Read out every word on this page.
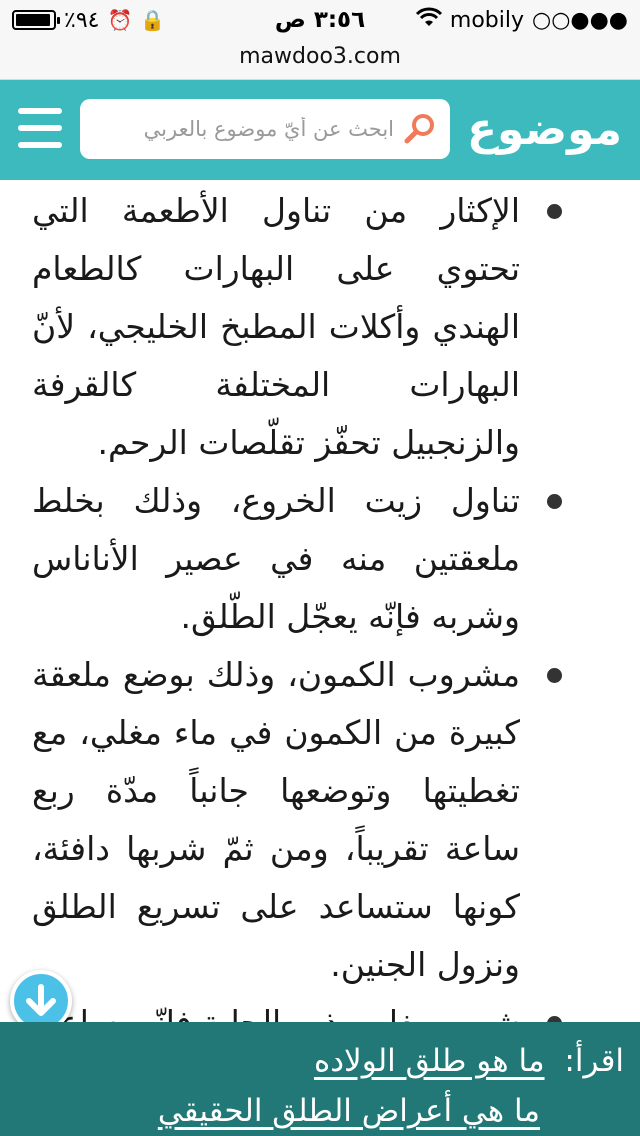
٪٩٤ ⏰ 🔒	٣:٥٦ ص	mobily ○○●●●
mawdoo3.com
ابحث عن أيّ موضوع بالعربي
موضوع
الإكثار من تناول الأطعمة التي تحتوي على البهارات كالطعام الهندي وأكلات المطبخ الخليجي، لأنّ البهارات المختلفة كالقرفة والزنجبيل تحفّز تقلّصات الرحم.
تناول زيت الخروع، وذلك بخلط ملعقتين منه في عصير الأناناس وشربه فإنّه يعجّل الطّلق.
مشروب الكمون، وذلك بوضع ملعقة كبيرة من الكمون في ماء مغلي، مع تغطيتها وتوضعها جانباً مدّة ربع ساعة تقريباً، ومن ثمّ شربها دافئة، كونها ستساعد على تسريع الطلق ونزول الجنين.
اقرأ: ما هو طلق الولاده
ما هي أعراض الطلق الحقيقي
